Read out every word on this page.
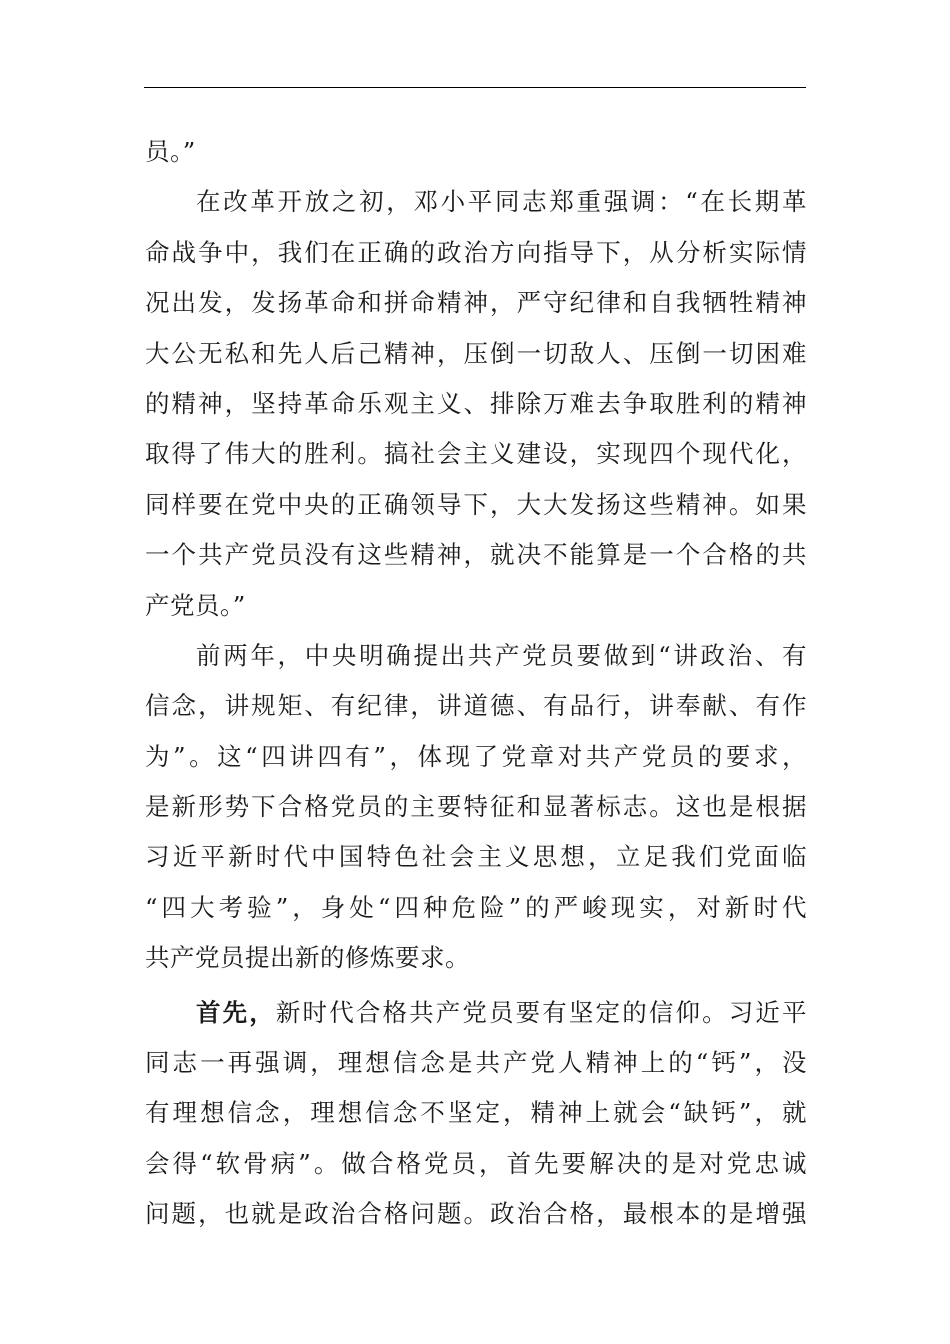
员。”
在改革开放之初，邓小平同志郑重强调：“在长期革
命战争中，我们在正确的政治方向指导下，从分析实际情
况出发，发扬革命和拼命精神，严守纪律和自我牺牲精神
大公无私和先人后己精神，压倒一切敌人、压倒一切困难
的精神，坚持革命乐观主义、排除万难去争取胜利的精神
取得了伟大的胜利。搞社会主义建设，实现四个现代化，
同样要在党中央的正确领导下，大大发扬这些精神。如果
一个共产党员没有这些精神，就决不能算是一个合格的共
产党员。”
前两年，中央明确提出共产党员要做到“讲政治、有
信念，讲规矩、有纪律，讲道德、有品行，讲奉献、有作
为”。这“四讲四有”，体现了党章对共产党员的要求，
是新形势下合格党员的主要特征和显著标志。这也是根据
习近平新时代中国特色社会主义思想，立足我们党面临
“四大考验”，身处“四种危险”的严峻现实，对新时代
共产党员提出新的修炼要求。
首先，新时代合格共产党员要有坚定的信仰。习近平
同志一再强调，理想信念是共产党人精神上的“钙”，没
有理想信念，理想信念不坚定，精神上就会“缺钙”，就
会得“软骨病”。做合格党员，首先要解决的是对党忠诚
问题，也就是政治合格问题。政治合格，最根本的是增强
